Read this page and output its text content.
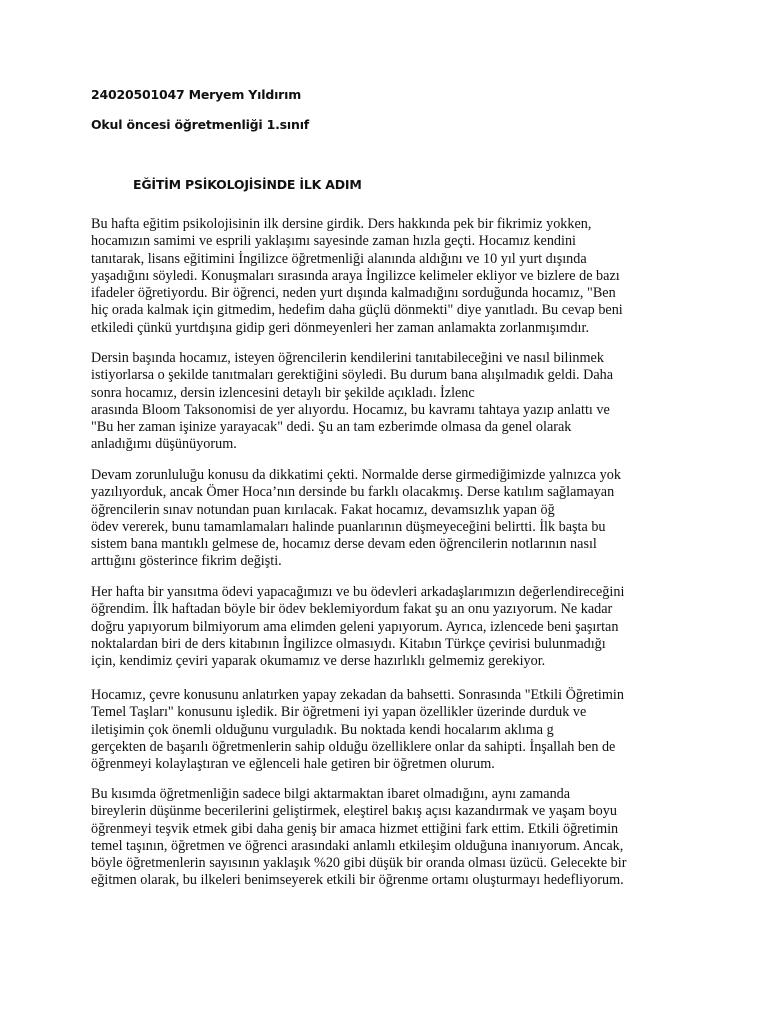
24020501047 Meryem Yıldırım
Okul öncesi öğretmenliği 1.sınıf
EĞİTİM PSİKOLOJİSİNDE İLK ADIM
Bu hafta eğitim psikolojisinin ilk dersine girdik. Ders hakkında pek bir fikrimiz yokken,
hocamızın samimi ve esprili yaklaşımı sayesinde zaman hızla geçti. Hocamız kendini
tanıtarak, lisans eğitimini İngilizce öğretmenliği alanında aldığını ve 10 yıl yurt dışında
yaşadığını söyledi. Konuşmaları sırasında araya İngilizce kelimeler ekliyor ve bizlere de bazı
ifadeler öğretiyordu. Bir öğrenci, neden yurt dışında kalmadığını sorduğunda hocamız, "Ben
hiç orada kalmak için gitmedim, hedefim daha güçlü dönmekti" diye yanıtladı. Bu cevap beni
etkiledi çünkü yurtdışına gidip geri dönmeyenleri her zaman anlamakta zorlanmışımdır.
Dersin başında hocamız, isteyen öğrencilerin kendilerini tanıtabileceğini ve nasıl bilinmek
istiyorlarsa o şekilde tanıtmaları gerektiğini söyledi. Bu durum bana alışılmadık geldi. Daha
sonra hocamız, dersin izlencesini detaylı bir şekilde açıkladı. İzlenc
arasında Bloom Taksonomisi de yer alıyordu. Hocamız, bu kavramı tahtaya yazıp anlattı ve
"Bu her zaman işinize yarayacak" dedi. Şu an tam ezberimde olmasa da genel olarak
anladığımı düşünüyorum.
Devam zorunluluğu konusu da dikkatimi çekti. Normalde derse girmediğimizde yalnızca yok
yazılıyorduk, ancak Ömer Hoca’nın dersinde bu farklı olacakmış. Derse katılım sağlamayan
öğrencilerin sınav notundan puan kırılacak. Fakat hocamız, devamsızlık yapan öğ
ödev vererek, bunu tamamlamaları halinde puanlarının düşmeyeceğini belirtti. İlk başta bu
sistem bana mantıklı gelmese de, hocamız derse devam eden öğrencilerin notlarının nasıl
arttığını gösterince fikrim değişti.
Her hafta bir yansıtma ödevi yapacağımızı ve bu ödevleri arkadaşlarımızın değerlendireceğini
öğrendim. İlk haftadan böyle bir ödev beklemiyordum fakat şu an onu yazıyorum. Ne kadar
doğru yapıyorum bilmiyorum ama elimden geleni yapıyorum. Ayrıca, izlencede beni şaşırtan
noktalardan biri de ders kitabının İngilizce olmasıydı. Kitabın Türkçe çevirisi bulunmadığı
için, kendimiz çeviri yaparak okumamız ve derse hazırlıklı gelmemiz gerekiyor.
Hocamız, çevre konusunu anlatırken yapay zekadan da bahsetti. Sonrasında "Etkili Öğretimin
Temel Taşları" konusunu işledik. Bir öğretmeni iyi yapan özellikler üzerinde durduk ve
iletişimin çok önemli olduğunu vurguladık. Bu noktada kendi hocalarım aklıma g
gerçekten de başarılı öğretmenlerin sahip olduğu özelliklere onlar da sahipti. İnşallah ben de
öğrenmeyi kolaylaştıran ve eğlenceli hale getiren bir öğretmen olurum.
Bu kısımda öğretmenliğin sadece bilgi aktarmaktan ibaret olmadığını, aynı zamanda
bireylerin düşünme becerilerini geliştirmek, eleştirel bakış açısı kazandırmak ve yaşam boyu
öğrenmeyi teşvik etmek gibi daha geniş bir amaca hizmet ettiğini fark ettim. Etkili öğretimin
temel taşının, öğretmen ve öğrenci arasındaki anlamlı etkileşim olduğuna inanıyorum. Ancak,
böyle öğretmenlerin sayısının yaklaşık %20 gibi düşük bir oranda olması üzücü. Gelecekte bir
eğitmen olarak, bu ilkeleri benimseyerek etkili bir öğrenme ortamı oluşturmayı hedefliyorum.
